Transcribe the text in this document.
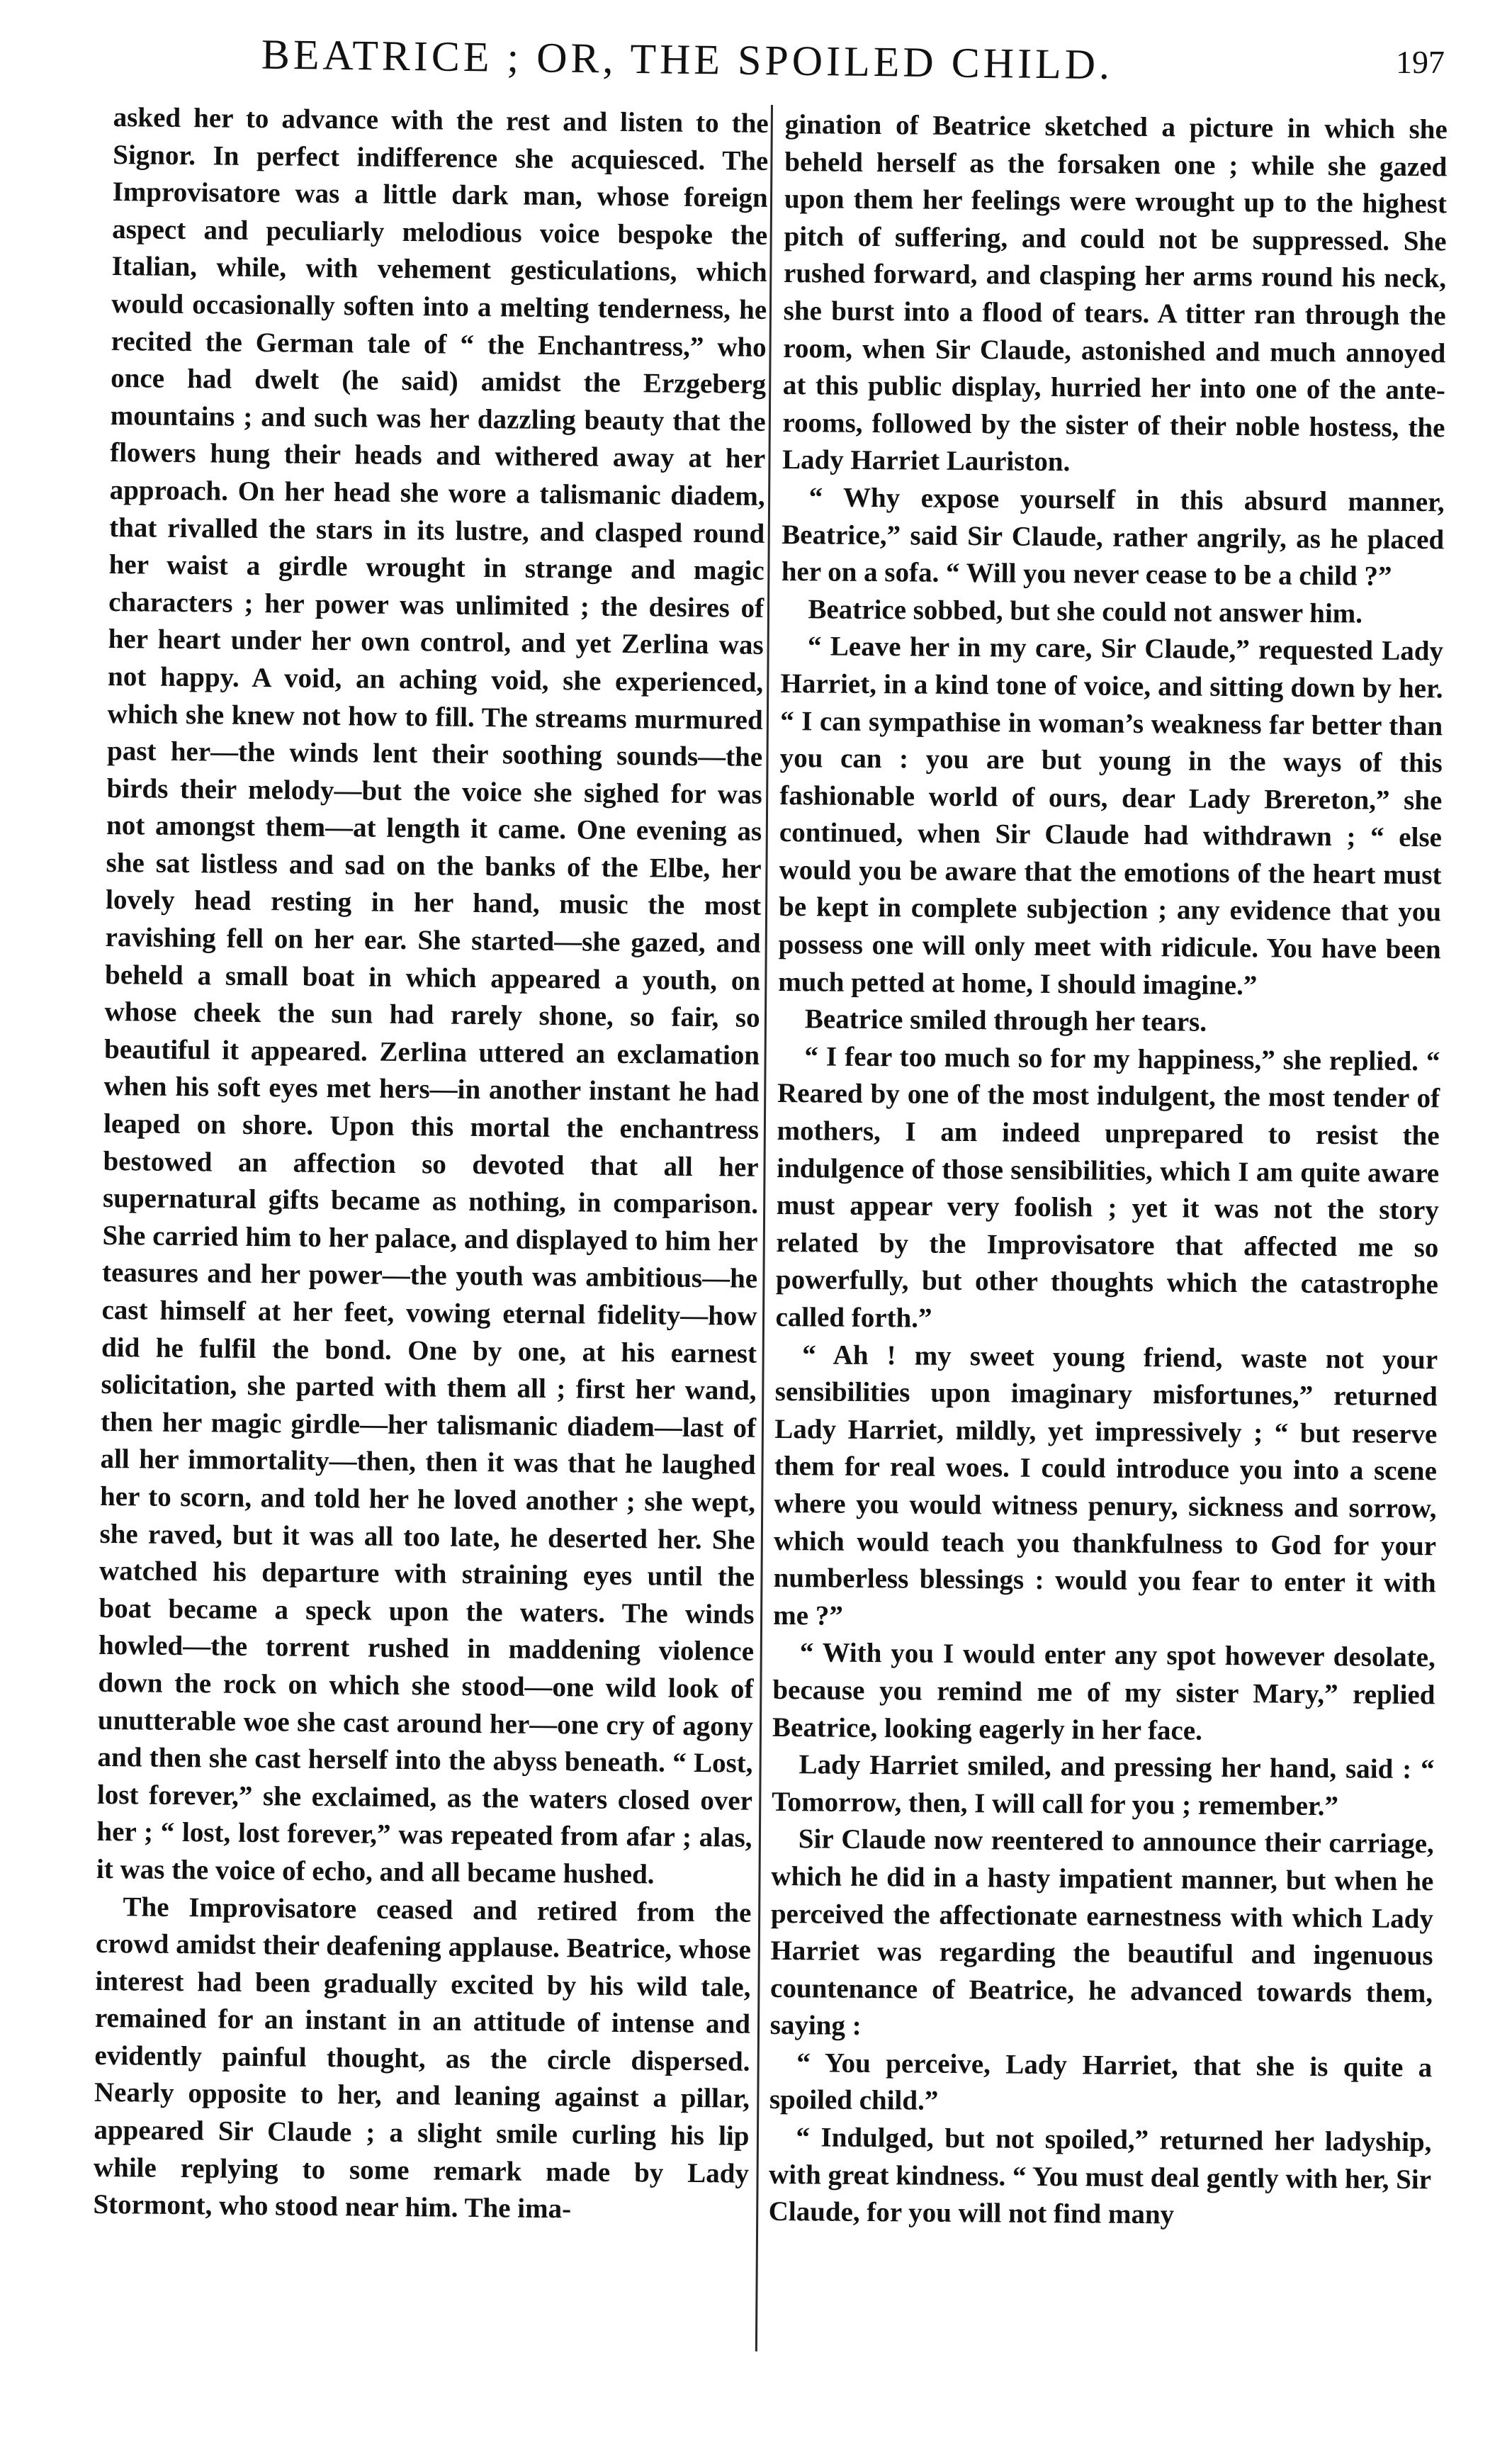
BEATRICE ; OR, THE SPOILED CHILD.	197

asked her to advance with the rest and listen to the Signor. In perfect indifference she acquiesced. The Improvisatore was a little dark man, whose foreign aspect and peculiarly melodious voice bespoke the Italian, while, with vehement gesticulations, which would occasionally soften into a melting tenderness, he recited the German tale of “ the Enchantress,” who once had dwelt (he said) amidst the Erzgeberg mountains ; and such was her dazzling beauty that the flowers hung their heads and withered away at her approach. On her head she wore a talismanic diadem, that rivalled the stars in its lustre, and clasped round her waist a girdle wrought in strange and magic characters ; her power was unlimited ; the desires of her heart under her own control, and yet Zerlina was not happy. A void, an aching void, she experienced, which she knew not how to fill. The streams murmured past her—the winds lent their soothing sounds—the birds their melody—but the voice she sighed for was not amongst them—at length it came. One evening as she sat listless and sad on the banks of the Elbe, her lovely head resting in her hand, music the most ravishing fell on her ear. She started—she gazed, and beheld a small boat in which appeared a youth, on whose cheek the sun had rarely shone, so fair, so beautiful it appeared. Zerlina uttered an exclamation when his soft eyes met hers—in another instant he had leaped on shore. Upon this mortal the enchantress bestowed an affection so devoted that all her supernatural gifts became as nothing, in comparison. She carried him to her palace, and displayed to him her teasures and her power—the youth was ambitious—he cast himself at her feet, vowing eternal fidelity—how did he fulfil the bond. One by one, at his earnest solicitation, she parted with them all ; first her wand, then her magic girdle—her talismanic diadem—last of all her immortality—then, then it was that he laughed her to scorn, and told her he loved another ; she wept, she raved, but it was all too late, he deserted her. She watched his departure with straining eyes until the boat became a speck upon the waters. The winds howled—the torrent rushed in maddening violence down the rock on which she stood—one wild look of unutterable woe she cast around her—one cry of agony and then she cast herself into the abyss beneath. “ Lost, lost forever,” she exclaimed, as the waters closed over her ; “ lost, lost forever,” was repeated from afar ; alas, it was the voice of echo, and all became hushed.

The Improvisatore ceased and retired from the crowd amidst their deafening applause. Beatrice, whose interest had been gradually excited by his wild tale, remained for an instant in an attitude of intense and evidently painful thought, as the circle dispersed. Nearly opposite to her, and leaning against a pillar, appeared Sir Claude ; a slight smile curling his lip while replying to some remark made by Lady Stormont, who stood near him. The ima-

gination of Beatrice sketched a picture in which she beheld herself as the forsaken one ; while she gazed upon them her feelings were wrought up to the highest pitch of suffering, and could not be suppressed. She rushed forward, and clasping her arms round his neck, she burst into a flood of tears. A titter ran through the room, when Sir Claude, astonished and much annoyed at this public display, hurried her into one of the ante-rooms, followed by the sister of their noble hostess, the Lady Harriet Lauriston.

“ Why expose yourself in this absurd manner, Beatrice,” said Sir Claude, rather angrily, as he placed her on a sofa. “ Will you never cease to be a child ?”

Beatrice sobbed, but she could not answer him.

“ Leave her in my care, Sir Claude,” requested Lady Harriet, in a kind tone of voice, and sitting down by her. “ I can sympathise in woman’s weakness far better than you can : you are but young in the ways of this fashionable world of ours, dear Lady Brereton,” she continued, when Sir Claude had withdrawn ; “ else would you be aware that the emotions of the heart must be kept in complete subjection ; any evidence that you possess one will only meet with ridicule. You have been much petted at home, I should imagine.”

Beatrice smiled through her tears.

“ I fear too much so for my happiness,” she replied. “ Reared by one of the most indulgent, the most tender of mothers, I am indeed unprepared to resist the indulgence of those sensibilities, which I am quite aware must appear very foolish ; yet it was not the story related by the Improvisatore that affected me so powerfully, but other thoughts which the catastrophe called forth.”

“ Ah ! my sweet young friend, waste not your sensibilities upon imaginary misfortunes,” returned Lady Harriet, mildly, yet impressively ; “ but reserve them for real woes. I could introduce you into a scene where you would witness penury, sickness and sorrow, which would teach you thankfulness to God for your numberless blessings : would you fear to enter it with me ?”

“ With you I would enter any spot however desolate, because you remind me of my sister Mary,” replied Beatrice, looking eagerly in her face.

Lady Harriet smiled, and pressing her hand, said : “ Tomorrow, then, I will call for you ; remember.”

Sir Claude now reentered to announce their carriage, which he did in a hasty impatient manner, but when he perceived the affectionate earnestness with which Lady Harriet was regarding the beautiful and ingenuous countenance of Beatrice, he advanced towards them, saying :

“ You perceive, Lady Harriet, that she is quite a spoiled child.”

“ Indulged, but not spoiled,” returned her ladyship, with great kindness. “ You must deal gently with her, Sir Claude, for you will not find many
